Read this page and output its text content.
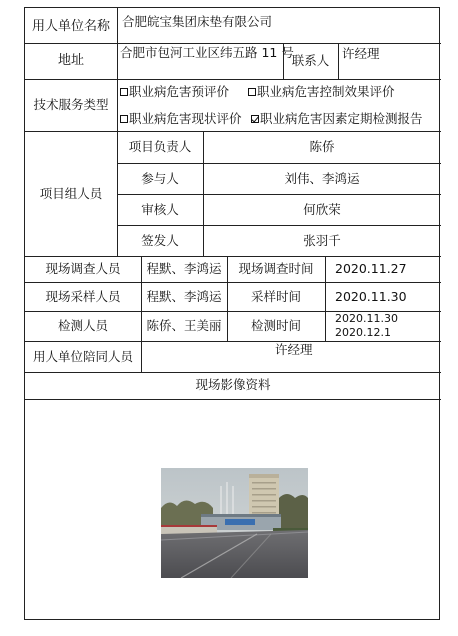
用人单位名称 合肥皖宝集团床垫有限公司
地址
合肥市包河工业区纬五路 11 号
联系人	许经理
技术服务类型
职业病危害预评价	职业病危害控制效果评价
职业病危害现状评价	职业病危害因素定期检测报告
项目组人员
项目负责人	陈侨
参与人	刘伟、李鸿运
审核人	何欣荣
签发人	张羽千
现场调查人员	程默、李鸿运	现场调查时间	2020.11.27
现场采样人员	程默、李鸿运	采样时间	2020.11.30
检测人员	陈侨、王美丽	检测时间	2020.11.30
2020.12.1
用人单位陪同人员	许经理
现场影像资料
